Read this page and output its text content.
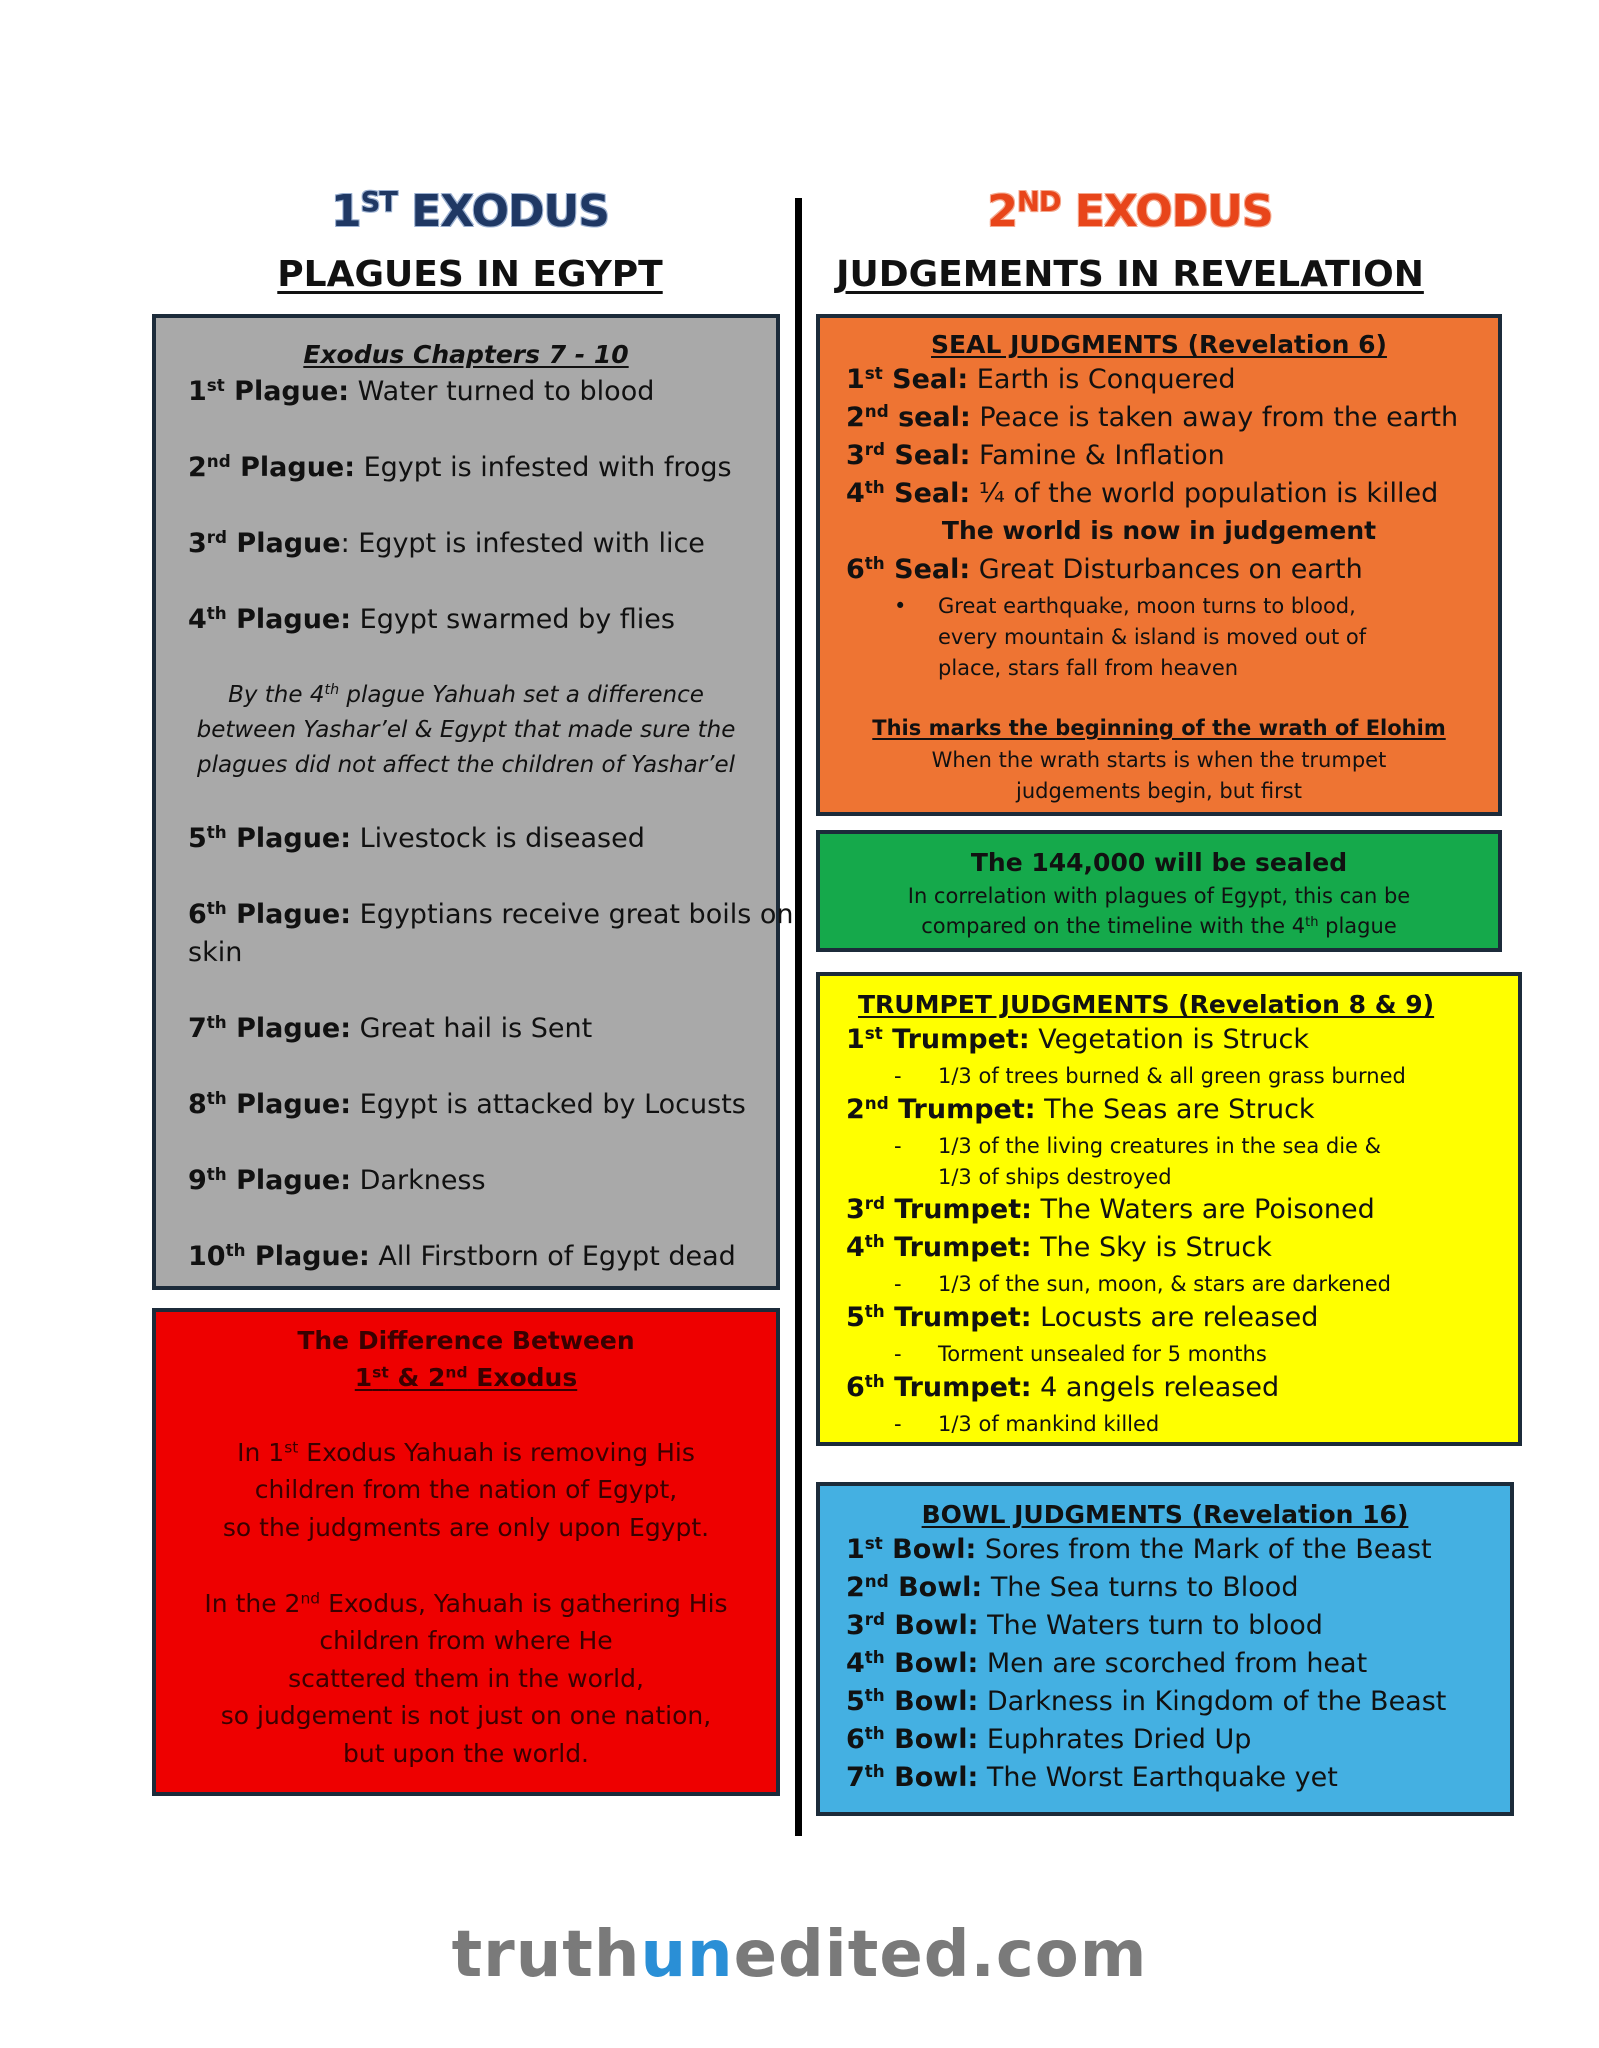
1ST EXODUS
PLAGUES IN EGYPT
2ND EXODUS
JUDGEMENTS IN REVELATION
Exodus Chapters 7 - 10
1st Plague: Water turned to blood
2nd Plague: Egypt is infested with frogs
3rd Plague: Egypt is infested with lice
4th Plague: Egypt swarmed by flies
By the 4th plague Yahuah set a difference
between Yashar’el & Egypt that made sure the
plagues did not affect the children of Yashar’el
5th Plague: Livestock is diseased
6th Plague: Egyptians receive great boils on
skin
7th Plague: Great hail is Sent
8th Plague: Egypt is attacked by Locusts
9th Plague: Darkness
10th Plague: All Firstborn of Egypt dead
The Difference Between
1st & 2nd Exodus
In 1st Exodus Yahuah is removing His
children from the nation of Egypt,
so the judgments are only upon Egypt.
In the 2nd Exodus, Yahuah is gathering His
children from where He
scattered them in the world,
so judgement is not just on one nation,
but upon the world.
SEAL JUDGMENTS (Revelation 6)
1st Seal: Earth is Conquered
2nd seal: Peace is taken away from the earth
3rd Seal: Famine & Inflation
4th Seal: ¼ of the world population is killed
The world is now in judgement
6th Seal: Great Disturbances on earth
• Great earthquake, moon turns to blood,
every mountain & island is moved out of
place, stars fall from heaven
This marks the beginning of the wrath of Elohim
When the wrath starts is when the trumpet
judgements begin, but first
The 144,000 will be sealed
In correlation with plagues of Egypt, this can be
compared on the timeline with the 4th plague
TRUMPET JUDGMENTS (Revelation 8 & 9)
1st Trumpet: Vegetation is Struck
- 1/3 of trees burned & all green grass burned
2nd Trumpet: The Seas are Struck
- 1/3 of the living creatures in the sea die &
1/3 of ships destroyed
3rd Trumpet: The Waters are Poisoned
4th Trumpet: The Sky is Struck
- 1/3 of the sun, moon, & stars are darkened
5th Trumpet: Locusts are released
- Torment unsealed for 5 months
6th Trumpet: 4 angels released
- 1/3 of mankind killed
BOWL JUDGMENTS (Revelation 16)
1st Bowl: Sores from the Mark of the Beast
2nd Bowl: The Sea turns to Blood
3rd Bowl: The Waters turn to blood
4th Bowl: Men are scorched from heat
5th Bowl: Darkness in Kingdom of the Beast
6th Bowl: Euphrates Dried Up
7th Bowl: The Worst Earthquake yet
truthunedited.com
